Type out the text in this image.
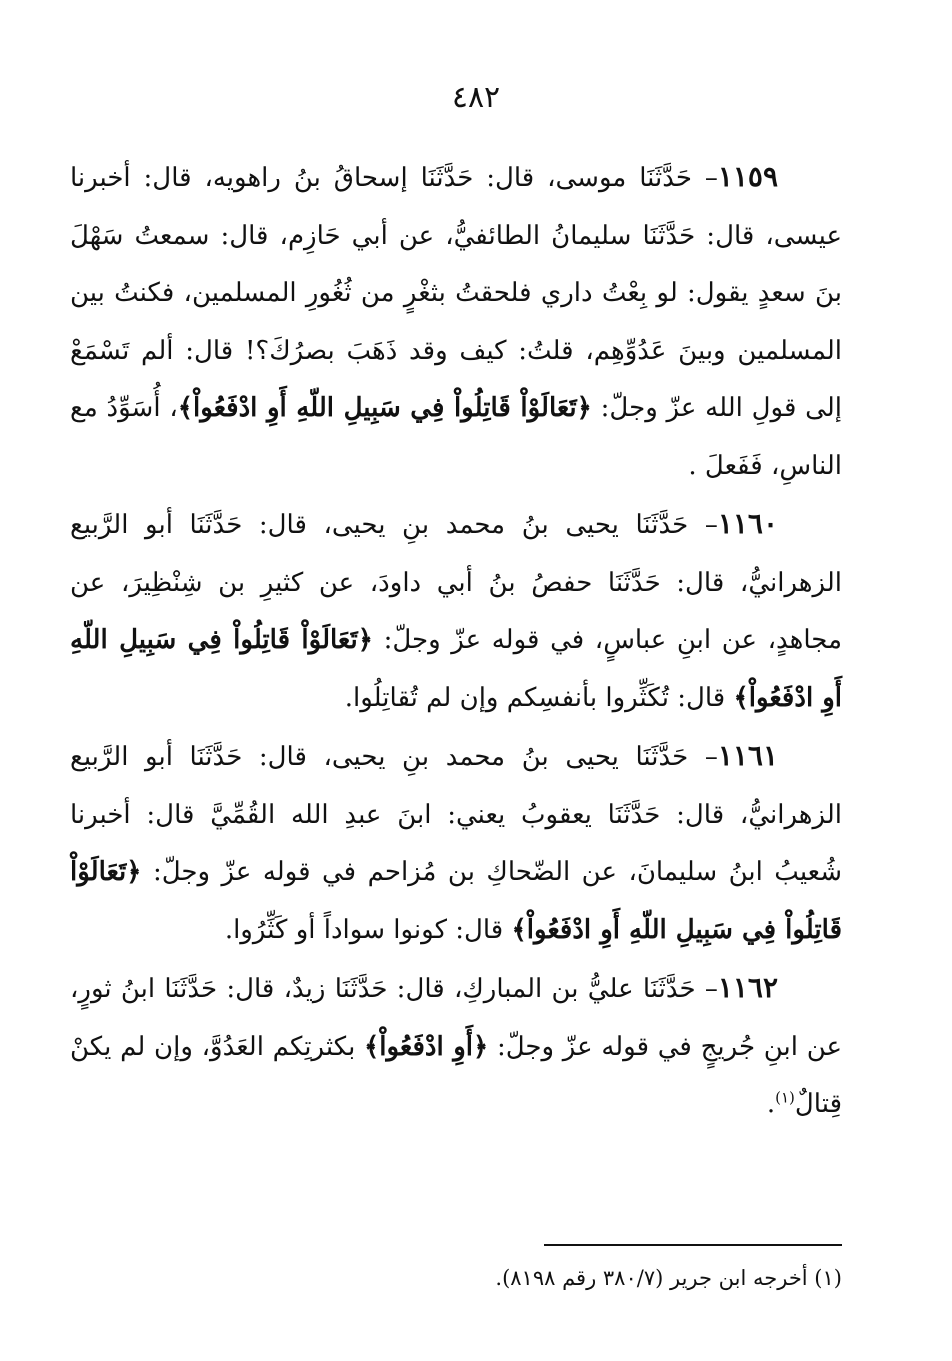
٤٨٢

١١٥٩– حَدَّثَنَا موسى، قال: حَدَّثَنَا إسحاقُ بنُ راهويه، قال: أخبرنا عيسى، قال: حَدَّثَنَا سليمانُ الطائفيُّ، عن أبي حَازِم، قال: سمعتُ سَهْلَ بنَ سعدٍ يقول: لو بِعْتُ داري فلحقتُ بثغْرٍ من ثُغُورِ المسلمين، فكنتُ بين المسلمين وبينَ عَدُوِّهِم، قلتُ: كيف وقد ذَهَبَ بصرُكَ؟! قال: ألم تَسْمَعْ إلى قولِ الله عزّ وجلّ: ﴿تَعَالَوْاْ قَاتِلُواْ فِي سَبِيلِ اللّهِ أَوِ ادْفَعُواْ﴾، أُسَوِّدُ مع الناسِ، فَفَعلَ .

١١٦٠– حَدَّثَنَا يحيى بنُ محمد بنِ يحيى، قال: حَدَّثَنَا أبو الرَّبيع الزهرانيُّ، قال: حَدَّثَنَا حفصُ بنُ أبي داودَ، عن كثيرِ بن شِنْظِيرَ، عن مجاهدٍ، عن ابنِ عباسٍ، في قوله عزّ وجلّ: ﴿تَعَالَوْاْ قَاتِلُواْ فِي سَبِيلِ اللّهِ أَوِ ادْفَعُواْ﴾ قال: تُكَثِّروا بأنفسِكم وإن لم تُقاتِلُوا.

١١٦١– حَدَّثَنَا يحيى بنُ محمد بنِ يحيى، قال: حَدَّثَنَا أبو الرَّبيع الزهرانيُّ، قال: حَدَّثَنَا يعقوبُ يعني: ابنَ عبدِ الله القُمِّيَّ قال: أخبرنا شُعيبُ ابنُ سليمانَ، عن الضّحاكِ بن مُزاحم في قوله عزّ وجلّ: ﴿تَعَالَوْاْ قَاتِلُواْ فِي سَبِيلِ اللّهِ أَوِ ادْفَعُواْ﴾ قال: كونوا سواداً أو كَثِّرُوا.

١١٦٢– حَدَّثَنَا عليُّ بن المباركِ، قال: حَدَّثَنَا زيدٌ، قال: حَدَّثَنَا ابنُ ثورٍ، عن ابنِ جُريجٍ في قوله عزّ وجلّ: ﴿أَوِ ادْفَعُواْ﴾ بكثرتِكم العَدُوَّ، وإن لم يكنْ قِتالٌ$^{(١)}$.

(١) أخرجه ابن جرير (٣٨٠/٧ رقم ٨١٩٨).
